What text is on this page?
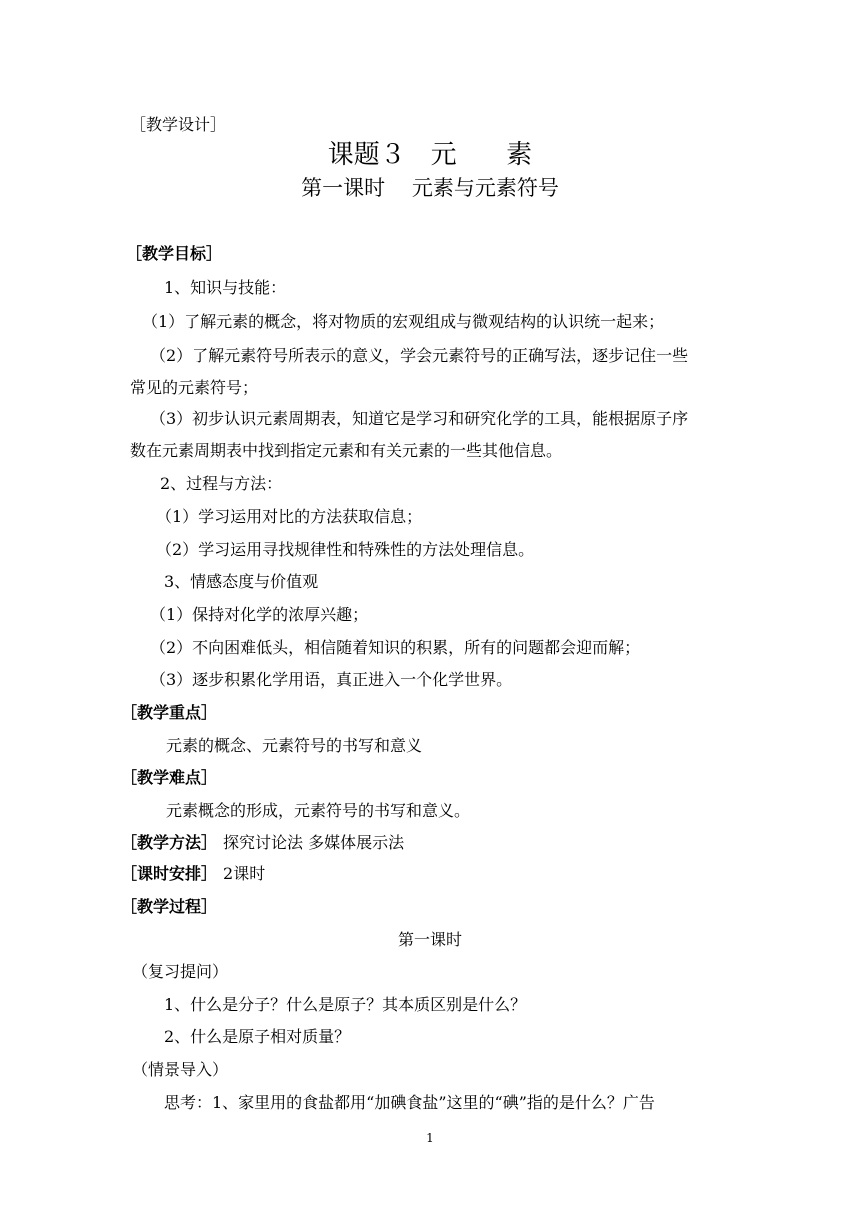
［教学设计］
课题３   元      素
第一课时    元素与元素符号
［教学目标］
1、知识与技能：
（1）了解元素的概念，将对物质的宏观组成与微观结构的认识统一起来；
（2）了解元素符号所表示的意义，学会元素符号的正确写法，逐步记住一些
常见的元素符号；
（3）初步认识元素周期表，知道它是学习和研究化学的工具，能根据原子序
数在元素周期表中找到指定元素和有关元素的一些其他信息。
2、过程与方法：
（1）学习运用对比的方法获取信息；
（2）学习运用寻找规律性和特殊性的方法处理信息。
3、情感态度与价值观
（1）保持对化学的浓厚兴趣；
（2）不向困难低头，相信随着知识的积累，所有的问题都会迎而解；
（3）逐步积累化学用语，真正进入一个化学世界。
［教学重点］
元素的概念、元素符号的书写和意义
［教学难点］
元素概念的形成，元素符号的书写和意义。
［教学方法］ 探究讨论法 多媒体展示法
［课时安排］ 2课时
［教学过程］
第一课时
（复习提问）
1、什么是分子？什么是原子？其本质区别是什么？
2、什么是原子相对质量？
（情景导入）
思考：1、家里用的食盐都用“加碘食盐”这里的“碘”指的是什么？广告
1
